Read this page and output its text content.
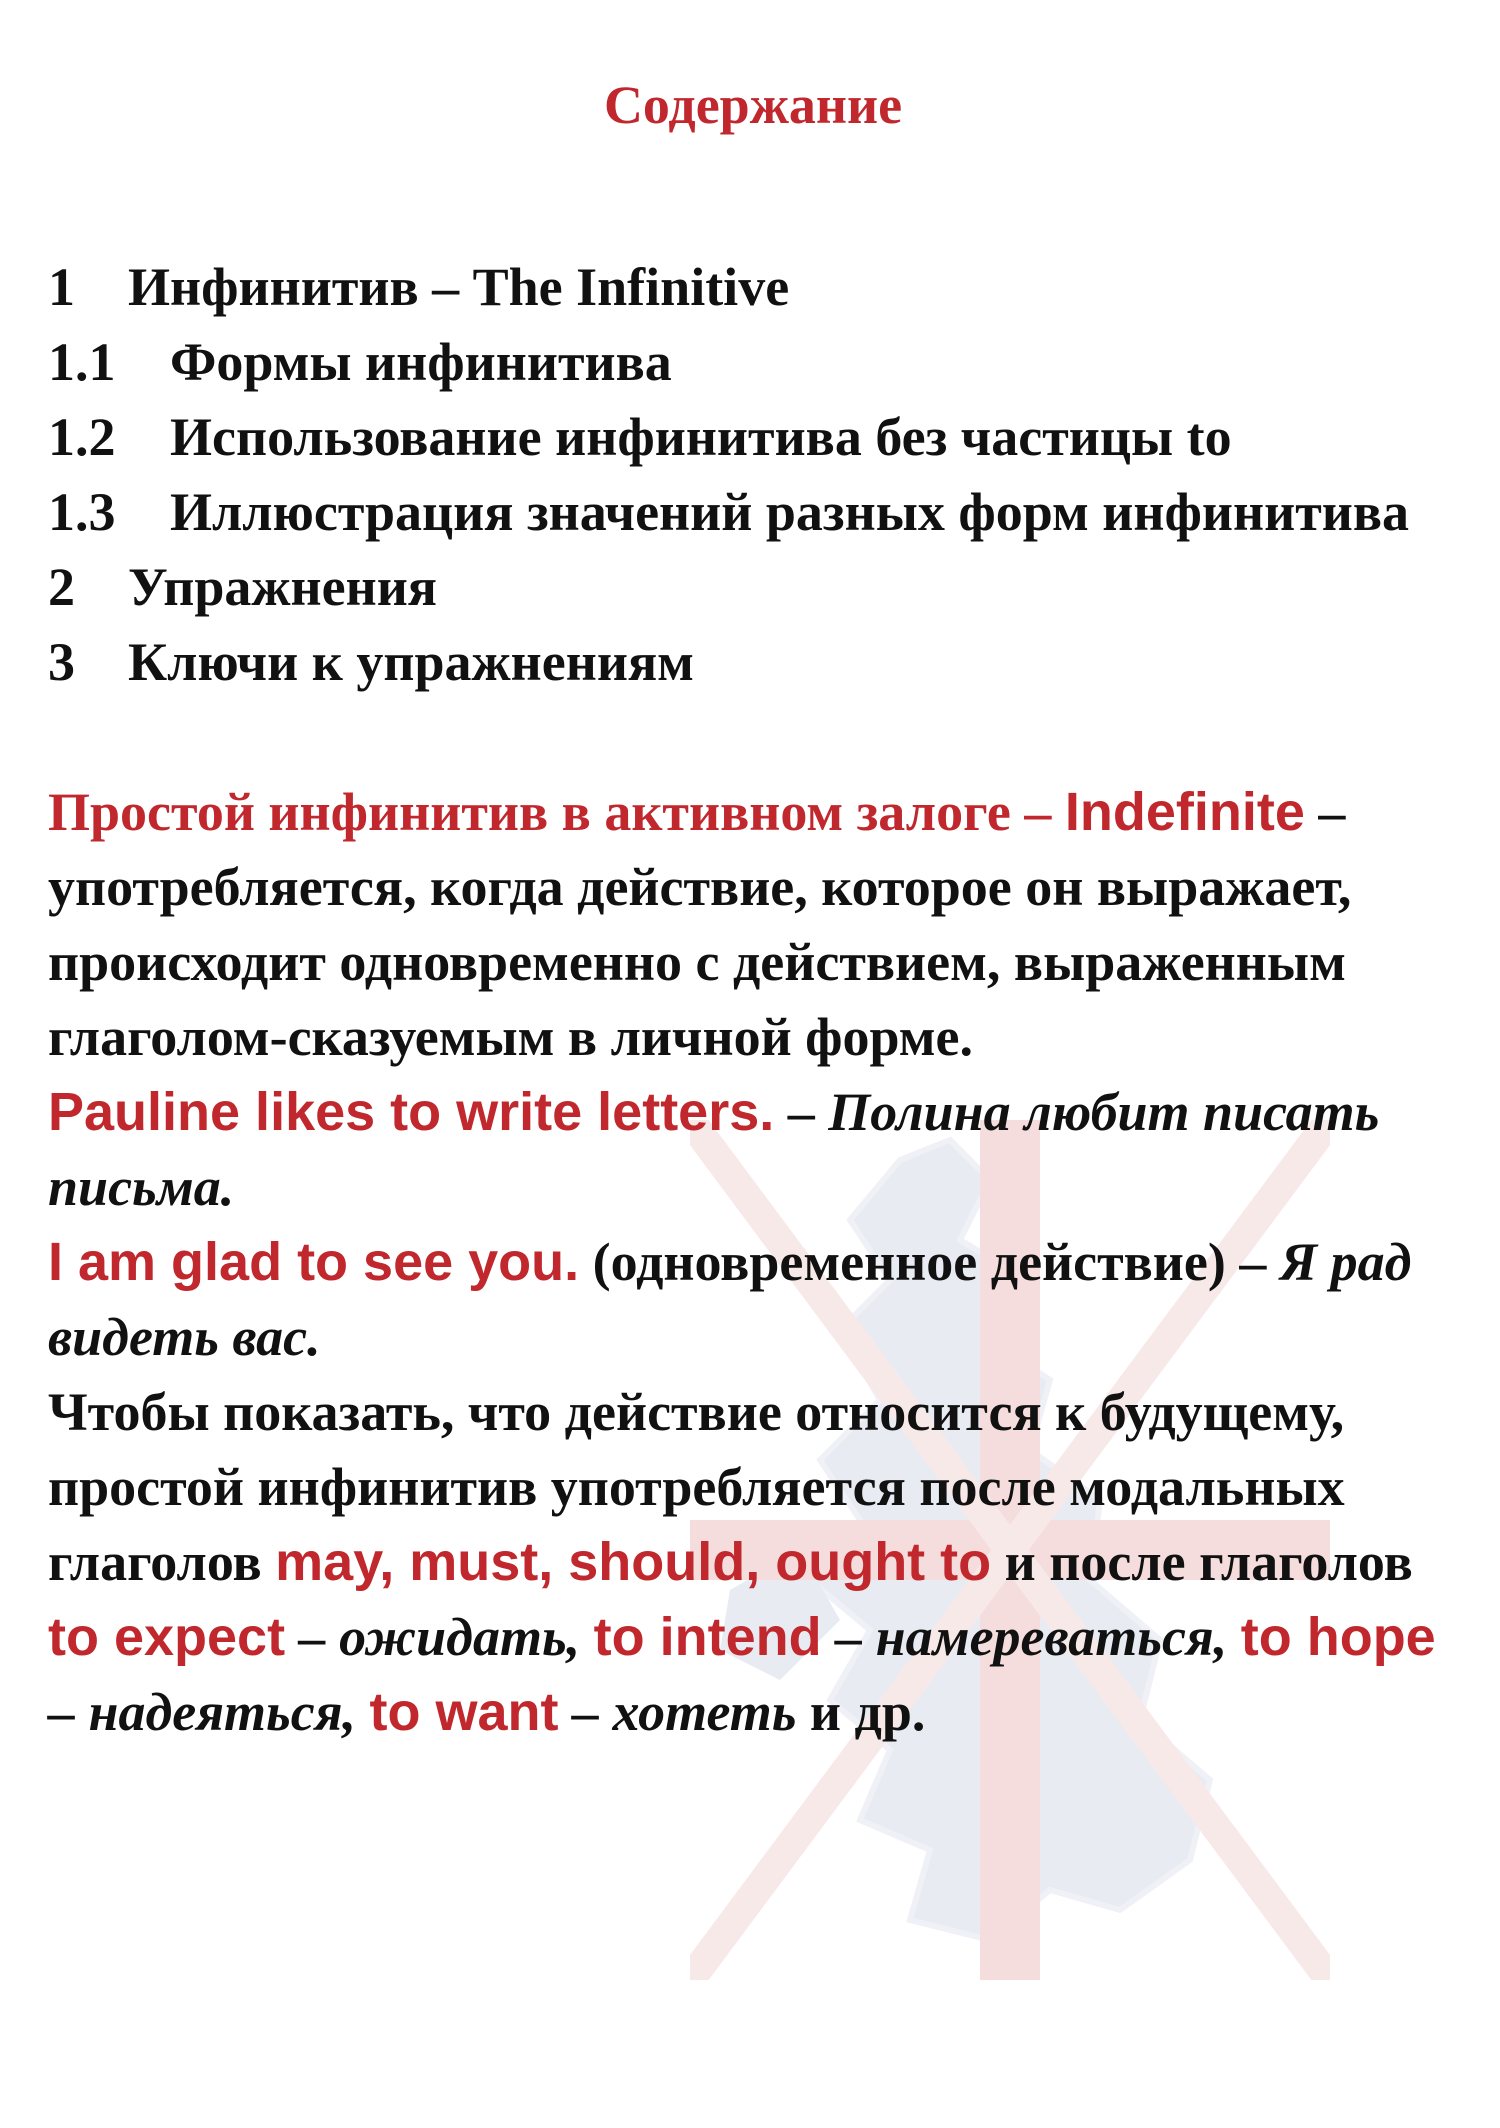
Содержание
1 Инфинитив – The Infinitive
1.1 Формы инфинитива
1.2 Использование инфинитива без частицы to
1.3 Иллюстрация значений разных форм инфинитива
2 Упражнения
3 Ключи к упражнениям

Простой инфинитив в активном залоге – Indefinite – употребляется, когда действие, которое он выражает, происходит одновременно с действием, выраженным глаголом-сказуемым в личной форме.

Pauline likes to write letters. – Полина любит писать письма.

I am glad to see you. (одновременное действие) – Я рад видеть вас.

Чтобы показать, что действие относится к будущему, простой инфинитив употребляется после модальных глаголов may, must, should, ought to и после глаголов to expect – ожидать, to intend – намереваться, to hope – надеяться, to want – хотеть и др.
